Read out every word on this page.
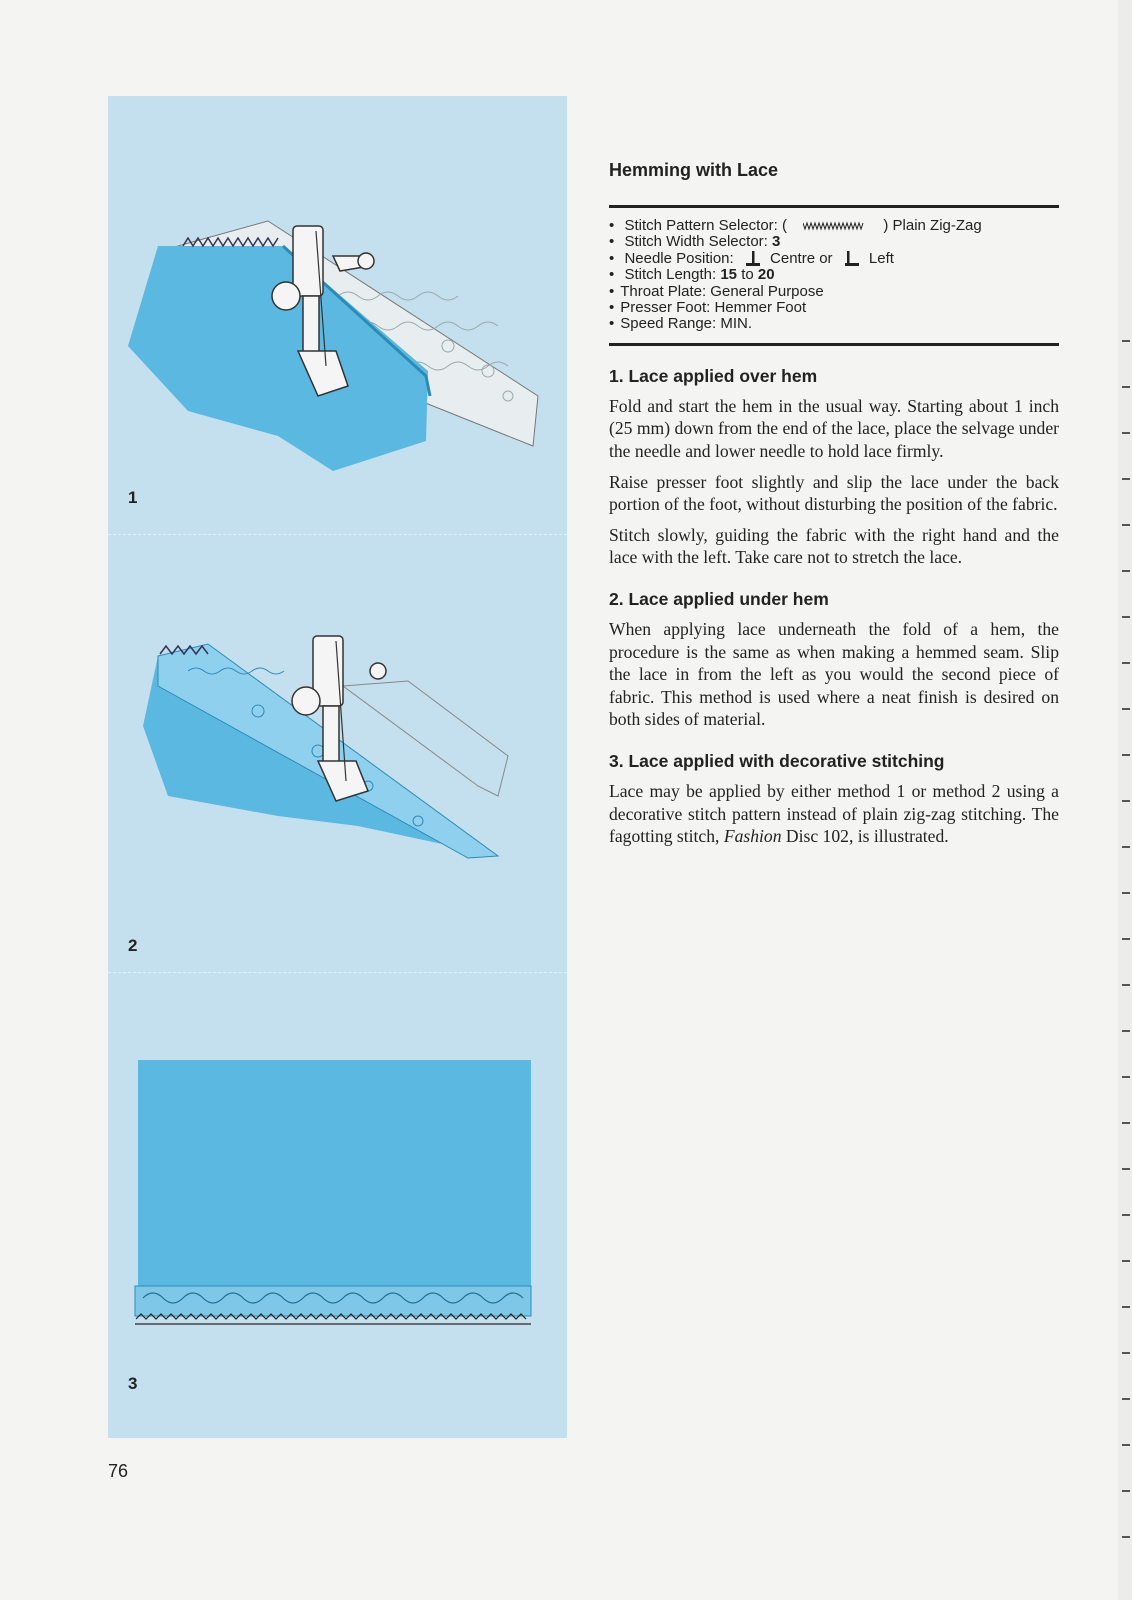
1
2
3
76
Hemming with Lace
• Stitch Pattern Selector: (	) Plain Zig-Zag
• Stitch Width Selector: 3
• Needle Position: Centre or Left
• Stitch Length: 15 to 20
• Throat Plate: General Purpose
• Presser Foot: Hemmer Foot
• Speed Range: MIN.
1. Lace applied over hem

Fold and start the hem in the usual way. Starting about 1 inch (25 mm) down from the end of the lace, place the selvage under the needle and lower needle to hold lace firmly.

Raise presser foot slightly and slip the lace under the back portion of the foot, without disturbing the position of the fabric.

Stitch slowly, guiding the fabric with the right hand and the lace with the left. Take care not to stretch the lace.

2. Lace applied under hem

When applying lace underneath the fold of a hem, the procedure is the same as when making a hemmed seam. Slip the lace in from the left as you would the second piece of fabric. This method is used where a neat finish is desired on both sides of material.

3. Lace applied with decorative stitching

Lace may be applied by either method 1 or method 2 using a decorative stitch pattern instead of plain zig-zag stitching. The fagotting stitch, Fashion Disc 102, is illustrated.
